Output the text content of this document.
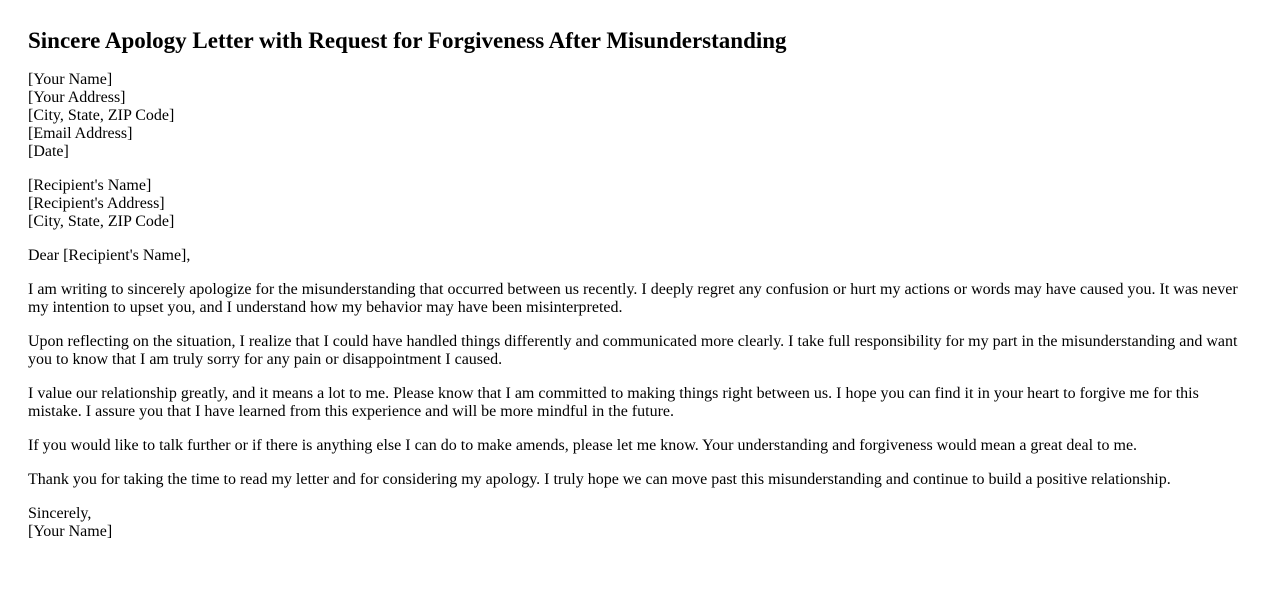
Sincere Apology Letter with Request for Forgiveness After Misunderstanding
[Your Name]
[Your Address]
[City, State, ZIP Code]
[Email Address]
[Date]
[Recipient's Name]
[Recipient's Address]
[City, State, ZIP Code]

Dear [Recipient's Name],

I am writing to sincerely apologize for the misunderstanding that occurred between us recently. I deeply regret any confusion or hurt my actions or words may have caused you. It was never my intention to upset you, and I understand how my behavior may have been misinterpreted.

Upon reflecting on the situation, I realize that I could have handled things differently and communicated more clearly. I take full responsibility for my part in the misunderstanding and want you to know that I am truly sorry for any pain or disappointment I caused.

I value our relationship greatly, and it means a lot to me. Please know that I am committed to making things right between us. I hope you can find it in your heart to forgive me for this mistake. I assure you that I have learned from this experience and will be more mindful in the future.

If you would like to talk further or if there is anything else I can do to make amends, please let me know. Your understanding and forgiveness would mean a great deal to me.

Thank you for taking the time to read my letter and for considering my apology. I truly hope we can move past this misunderstanding and continue to build a positive relationship.

Sincerely,
[Your Name]
